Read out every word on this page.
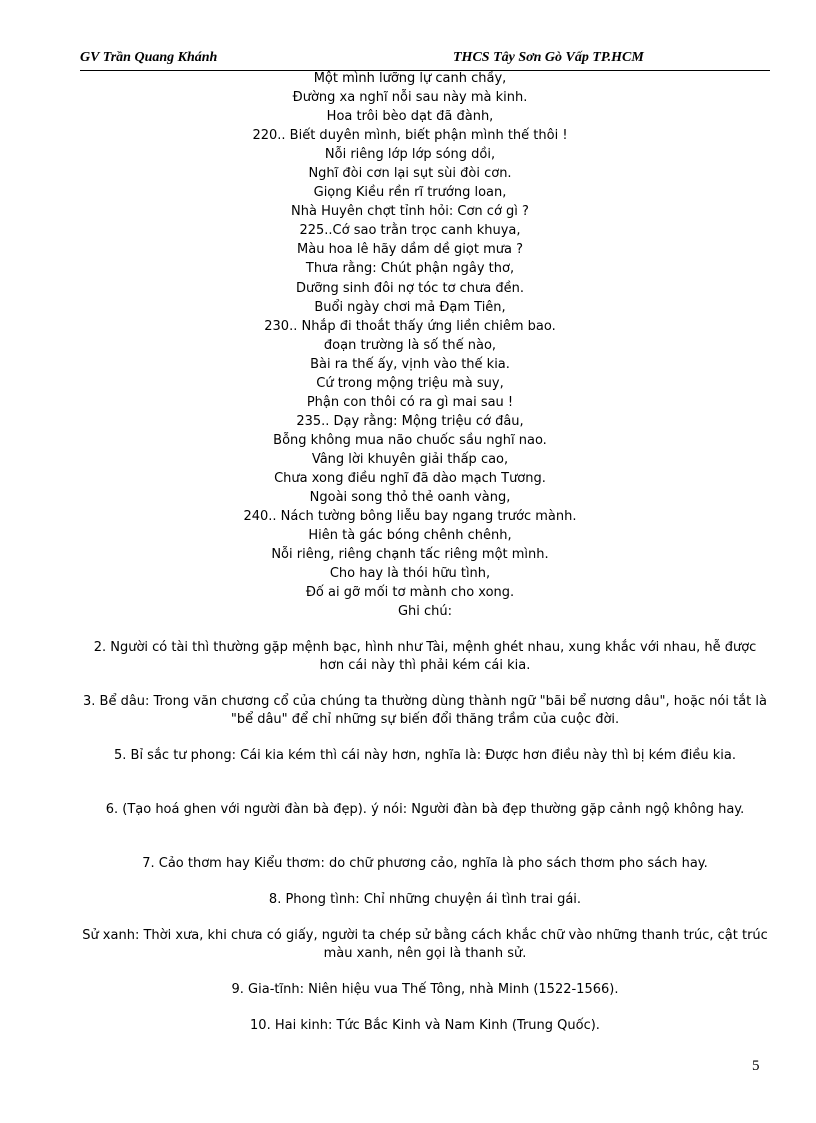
GV Trần Quang Khánh	THCS Tây Sơn Gò Vấp TP.HCM
Một mình lưỡng lự canh chầy,
Đường xa nghĩ nỗi sau này mà kinh.
Hoa trôi bèo dạt đã đành,
220.. Biết duyên mình, biết phận mình thế thôi !
Nỗi riêng lớp lớp sóng dồi,
Nghĩ đòi cơn lại sụt sùi đòi cơn.
Giọng Kiều rền rĩ trướng loan,
Nhà Huyên chợt tỉnh hỏi: Cơn cớ gì ?
225..Cớ sao trằn trọc canh khuya,
Màu hoa lê hãy dầm dề giọt mưa ?
Thưa rằng: Chút phận ngây thơ,
Dưỡng sinh đôi nợ tóc tơ chưa đền.
Buổi ngày chơi mả Đạm Tiên,
230.. Nhắp đi thoắt thấy ứng liền chiêm bao.
đoạn trường là số thế nào,
Bài ra thế ấy, vịnh vào thế kia.
Cứ trong mộng triệu mà suy,
Phận con thôi có ra gì mai sau !
235.. Dạy rằng: Mộng triệu cớ đâu,
Bỗng không mua não chuốc sầu nghĩ nao.
Vâng lời khuyên giải thấp cao,
Chưa xong điều nghĩ đã dào mạch Tương.
Ngoài song thỏ thẻ oanh vàng,
240.. Nách tường bông liễu bay ngang trước mành.
Hiên tà gác bóng chênh chênh,
Nỗi riêng, riêng chạnh tấc riêng một mình.
Cho hay là thói hữu tình,
Đố ai gỡ mối tơ mành cho xong.

Ghi chú:

2. Người có tài thì thường gặp mệnh bạc, hình như Tài, mệnh ghét nhau, xung khắc với nhau, hễ được hơn cái này thì phải kém cái kia.

3. Bể dâu: Trong văn chương cổ của chúng ta thường dùng thành ngữ "bãi bể nương dâu", hoặc nói tắt là "bể dâu" để chỉ những sự biến đổi thăng trầm của cuộc đời.

5. Bỉ sắc tư phong: Cái kia kém thì cái này hơn, nghĩa là: Được hơn điều này thì bị kém điều kia.

6. (Tạo hoá ghen với người đàn bà đẹp). ý nói: Người đàn bà đẹp thường gặp cảnh ngộ không hay.

7. Cảo thơm hay Kiểu thơm: do chữ phương cảo, nghĩa là pho sách thơm pho sách hay.

8. Phong tình: Chỉ những chuyện ái tình trai gái.

Sử xanh: Thời xưa, khi chưa có giấy, người ta chép sử bằng cách khắc chữ vào những thanh trúc, cật trúc màu xanh, nên gọi là thanh sử.

9. Gia-tĩnh: Niên hiệu vua Thế Tông, nhà Minh (1522-1566).

10. Hai kinh: Tức Bắc Kinh và Nam Kinh (Trung Quốc).

5
